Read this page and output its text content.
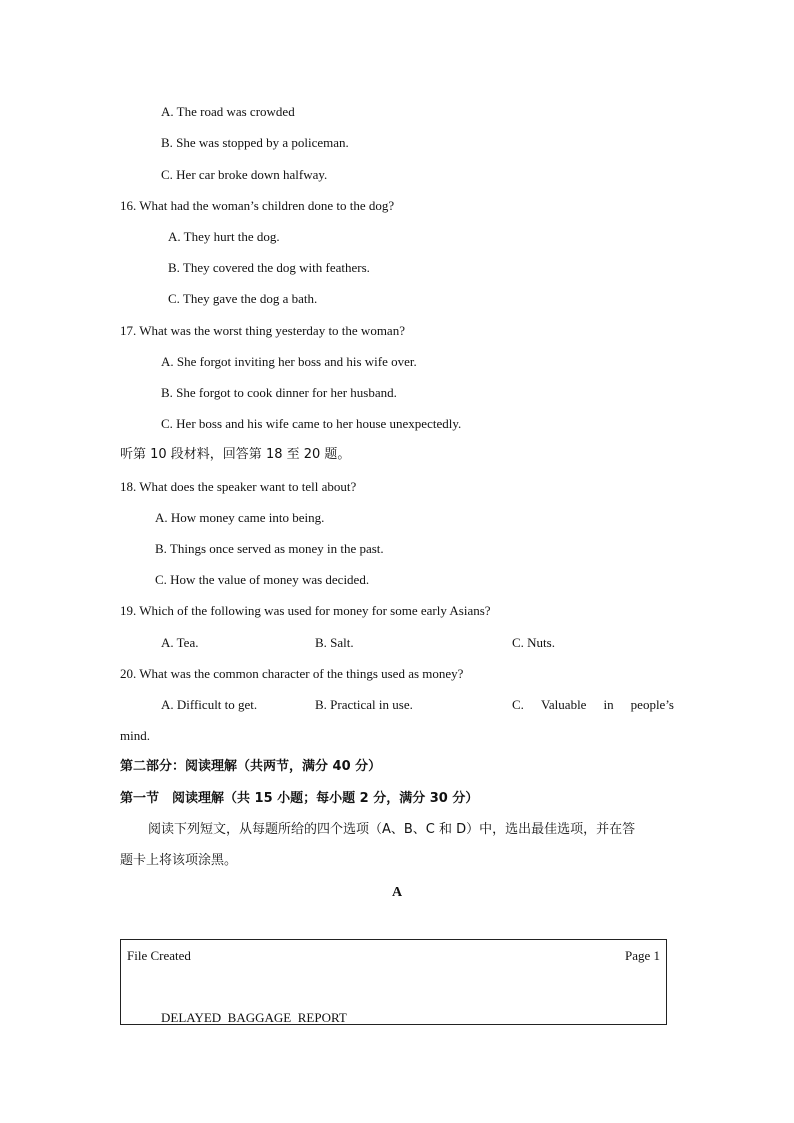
A. The road was crowded
B. She was stopped by a policeman.
C. Her car broke down halfway.
16. What had the woman’s children done to the dog?
A. They hurt the dog.
B. They covered the dog with feathers.
C. They gave the dog a bath.
17. What was the worst thing yesterday to the woman?
A. She forgot inviting her boss and his wife over.
B. She forgot to cook dinner for her husband.
C. Her boss and his wife came to her house unexpectedly.
听第 10 段材料，回答第 18 至 20 题。
18. What does the speaker want to tell about?
A. How money came into being.
B. Things once served as money in the past.
C. How the value of money was decided.
19. Which of the following was used for money for some early Asians?
A. Tea.	B. Salt.	C. Nuts.
20. What was the common character of the things used as money?
A. Difficult to get.	B. Practical in use.	C. Valuable in people’s
mind.
第二部分：阅读理解（共两节，满分 40 分）
第一节　阅读理解（共 15 小题；每小题 2 分，满分 30 分）
阅读下列短文，从每题所给的四个选项（A、B、C 和 D）中，选出最佳选项，并在答
题卡上将该项涂黑。
A
File Created	Page 1
DELAYED  BAGGAGE  REPORT
